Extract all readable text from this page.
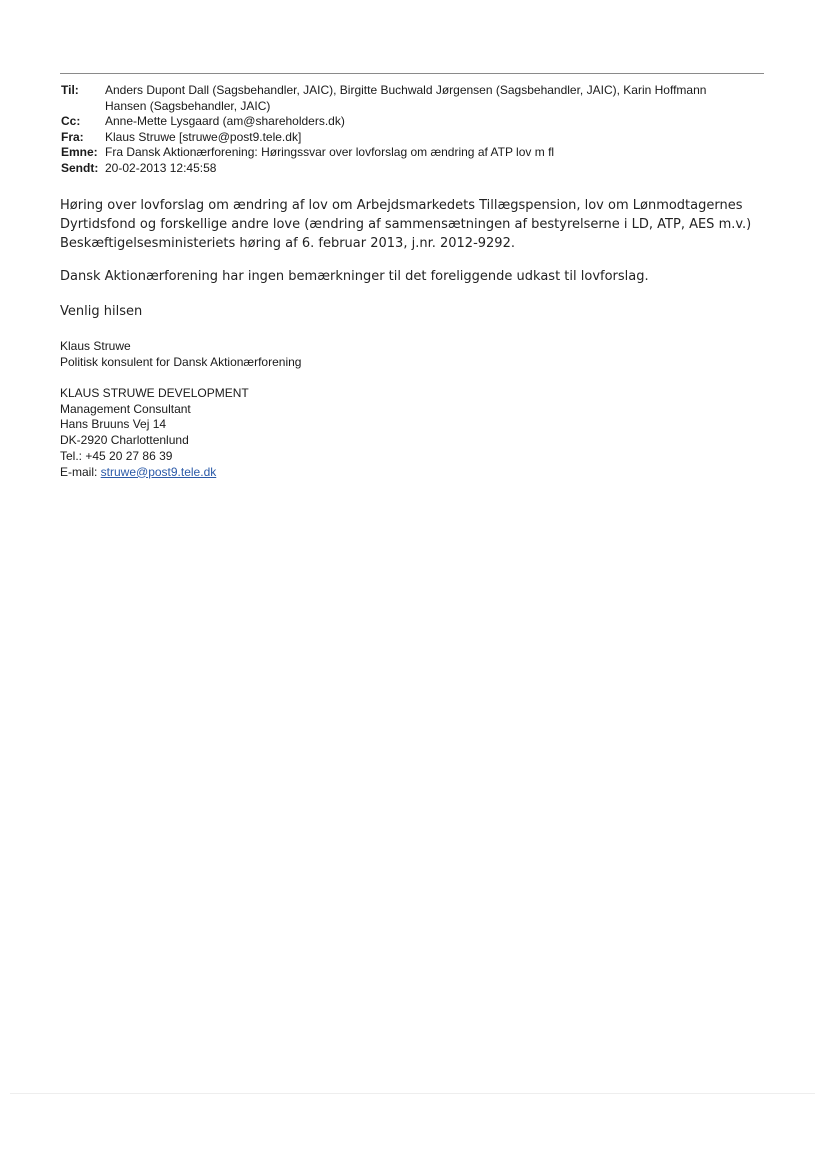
Til:	Anders Dupont Dall (Sagsbehandler, JAIC), Birgitte Buchwald Jørgensen (Sagsbehandler, JAIC), Karin Hoffmann
Hansen (Sagsbehandler, JAIC)
Cc:	Anne-Mette Lysgaard (am@shareholders.dk)
Fra:	Klaus Struwe [struwe@post9.tele.dk]
Emne: Fra Dansk Aktionærforening: Høringssvar over lovforslag om ændring af ATP lov m fl
Sendt: 20-02-2013 12:45:58
Høring over lovforslag om ændring af lov om Arbejdsmarkedets Tillægspension, lov om Lønmodtagernes
Dyrtidsfond og forskellige andre love (ændring af sammensætningen af bestyrelserne i LD, ATP, AES m.v.)
Beskæftigelsesministeriets høring af 6. februar 2013, j.nr. 2012-9292.
Dansk Aktionærforening har ingen bemærkninger til det foreliggende udkast til lovforslag.
Venlig hilsen
Klaus Struwe
Politisk konsulent for Dansk Aktionærforening
KLAUS STRUWE DEVELOPMENT
Management Consultant
Hans Bruuns Vej 14
DK-2920 Charlottenlund
Tel.: +45 20 27 86 39
E-mail: struwe@post9.tele.dk
